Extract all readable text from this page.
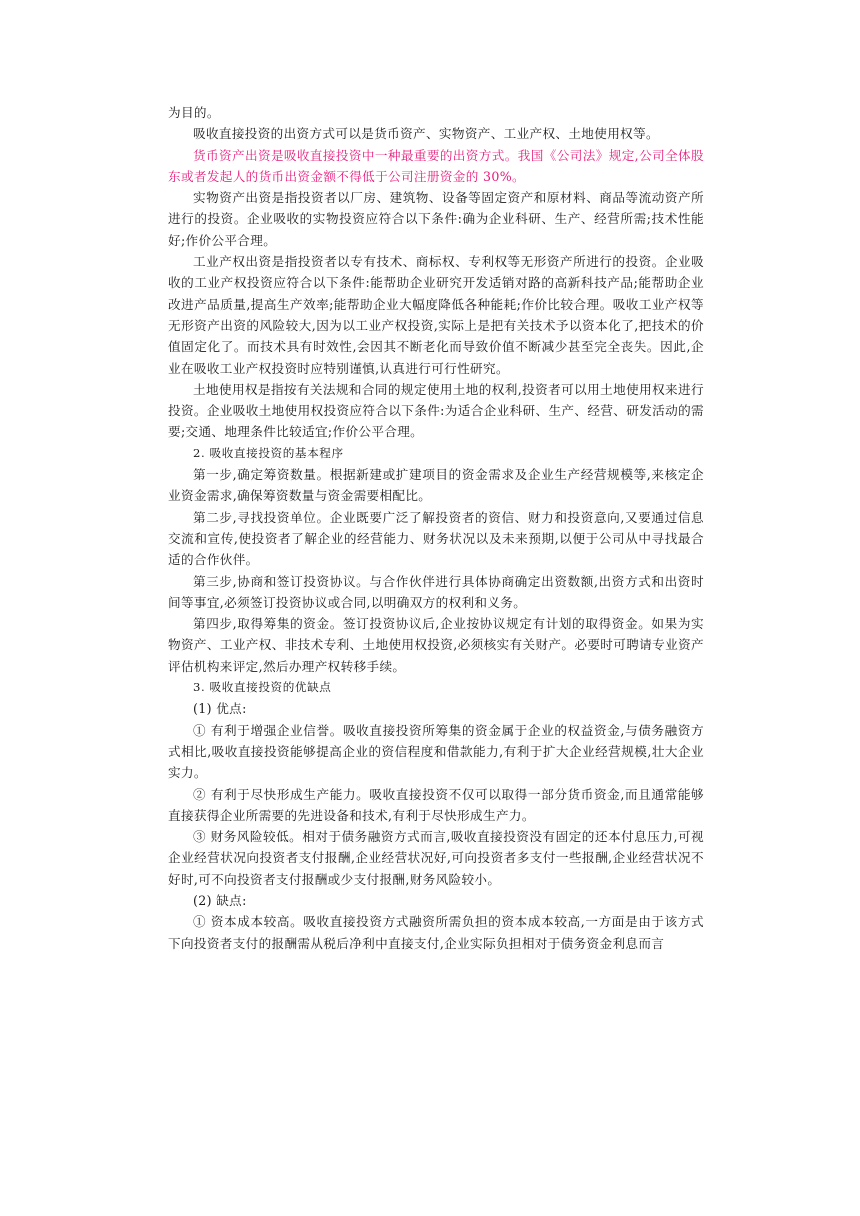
为目的。

吸收直接投资的出资方式可以是货币资产、实物资产、工业产权、土地使用权等。

货币资产出资是吸收直接投资中一种最重要的出资方式。我国《公司法》规定,公司全体股东或者发起人的货币出资金额不得低于公司注册资金的 30%。

实物资产出资是指投资者以厂房、建筑物、设备等固定资产和原材料、商品等流动资产所进行的投资。企业吸收的实物投资应符合以下条件:确为企业科研、生产、经营所需;技术性能好;作价公平合理。

工业产权出资是指投资者以专有技术、商标权、专利权等无形资产所进行的投资。企业吸收的工业产权投资应符合以下条件:能帮助企业研究开发适销对路的高新科技产品;能帮助企业改进产品质量,提高生产效率;能帮助企业大幅度降低各种能耗;作价比较合理。吸收工业产权等无形资产出资的风险较大,因为以工业产权投资,实际上是把有关技术予以资本化了,把技术的价值固定化了。而技术具有时效性,会因其不断老化而导致价值不断减少甚至完全丧失。因此,企业在吸收工业产权投资时应特别谨慎,认真进行可行性研究。

土地使用权是指按有关法规和合同的规定使用土地的权利,投资者可以用土地使用权来进行投资。企业吸收土地使用权投资应符合以下条件:为适合企业科研、生产、经营、研发活动的需要;交通、地理条件比较适宜;作价公平合理。

2. 吸收直接投资的基本程序

第一步,确定筹资数量。根据新建或扩建项目的资金需求及企业生产经营规模等,来核定企业资金需求,确保筹资数量与资金需要相配比。

第二步,寻找投资单位。企业既要广泛了解投资者的资信、财力和投资意向,又要通过信息交流和宣传,使投资者了解企业的经营能力、财务状况以及未来预期,以便于公司从中寻找最合适的合作伙伴。

第三步,协商和签订投资协议。与合作伙伴进行具体协商确定出资数额,出资方式和出资时间等事宜,必须签订投资协议或合同,以明确双方的权利和义务。

第四步,取得筹集的资金。签订投资协议后,企业按协议规定有计划的取得资金。如果为实物资产、工业产权、非技术专利、土地使用权投资,必须核实有关财产。必要时可聘请专业资产评估机构来评定,然后办理产权转移手续。

3. 吸收直接投资的优缺点

(1) 优点:

① 有利于增强企业信誉。吸收直接投资所筹集的资金属于企业的权益资金,与债务融资方式相比,吸收直接投资能够提高企业的资信程度和借款能力,有利于扩大企业经营规模,壮大企业实力。

② 有利于尽快形成生产能力。吸收直接投资不仅可以取得一部分货币资金,而且通常能够直接获得企业所需要的先进设备和技术,有利于尽快形成生产力。

③ 财务风险较低。相对于债务融资方式而言,吸收直接投资没有固定的还本付息压力,可视企业经营状况向投资者支付报酬,企业经营状况好,可向投资者多支付一些报酬,企业经营状况不好时,可不向投资者支付报酬或少支付报酬,财务风险较小。

(2) 缺点:

① 资本成本较高。吸收直接投资方式融资所需负担的资本成本较高,一方面是由于该方式下向投资者支付的报酬需从税后净利中直接支付,企业实际负担相对于债务资金利息而言
